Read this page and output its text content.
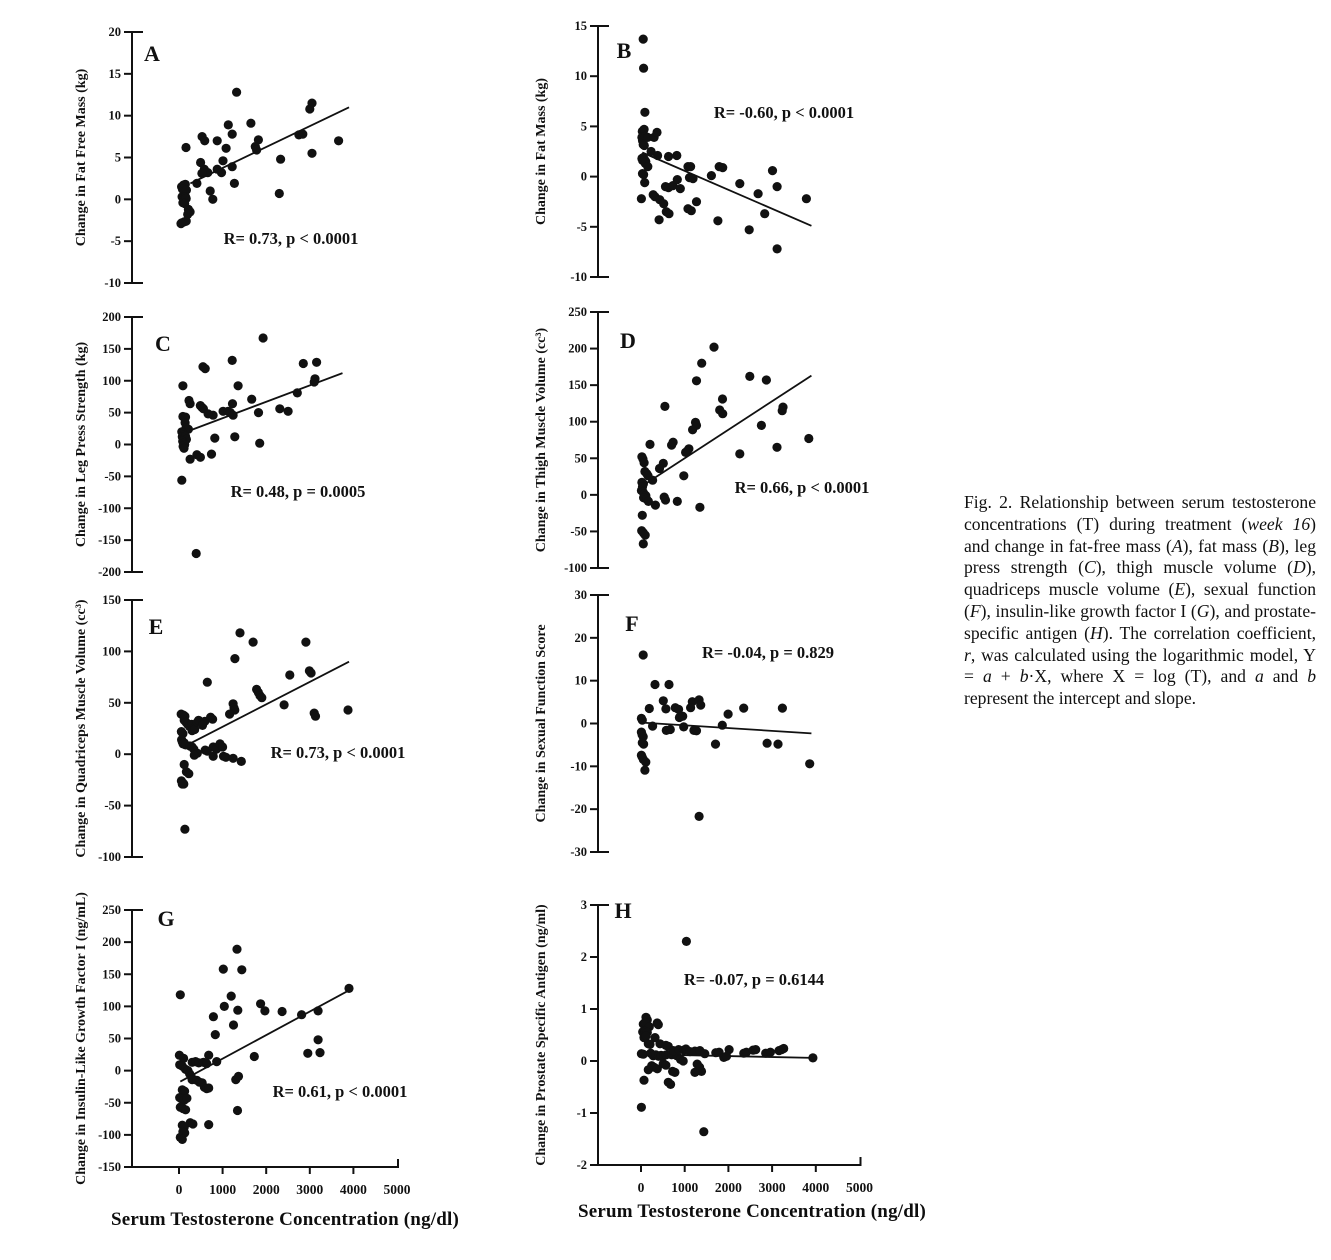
20
15
10
5
0
-5
-10
Change in Fat Free Mass (kg)
A
R= 0.73, p < 0.0001
15
10
5
0
-5
-10
Change in Fat Mass (kg)
B
R= -0.60, p < 0.0001
200
150
100
50
0
-50
-100
-150
-200
Change in Leg Press Strength (kg)	C
R= 0.48, p = 0.0005
250
200
150
100
50
0
-50
-100
Change in Thigh Muscle Volume (cc³)	D
R= 0.66, p < 0.0001
150
100
50
0
-50
-100
Change in Quadriceps Muscle Volume (cc³)	E
R= 0.73, p < 0.0001
30
20
10
0
-10
-20
-30
Change in Sexual Function Score
F
R= -0.04, p = 0.829
250
200
150
100
50
0
-50
-100
-150
0 1000 2000 3000 4000 5000
Change in Insulin-Like Growth Factor I (ng/mL)	G
R= 0.61, p < 0.0001
3
2
1
0
-1
-2
0 1000 2000 3000 4000 5000
Change in Prostate Specific Antigen (ng/ml)	H
R= -0.07, p = 0.6144
Serum Testosterone Concentration (ng/dl)	Serum Testosterone Concentration (ng/dl)
Fig. 2. Relationship between serum testosterone concentrations (T) during treatment (week 16) and change in fat-free mass (A), fat mass (B), leg press strength (C), thigh muscle volume (D), quadriceps muscle volume (E), sexual function (F), insulin-like growth factor I (G), and prostate-specific antigen (H). The correlation coefficient, r, was calculated using the logarithmic model, Y = a + b·X, where X = log (T), and a and b represent the intercept and slope.
